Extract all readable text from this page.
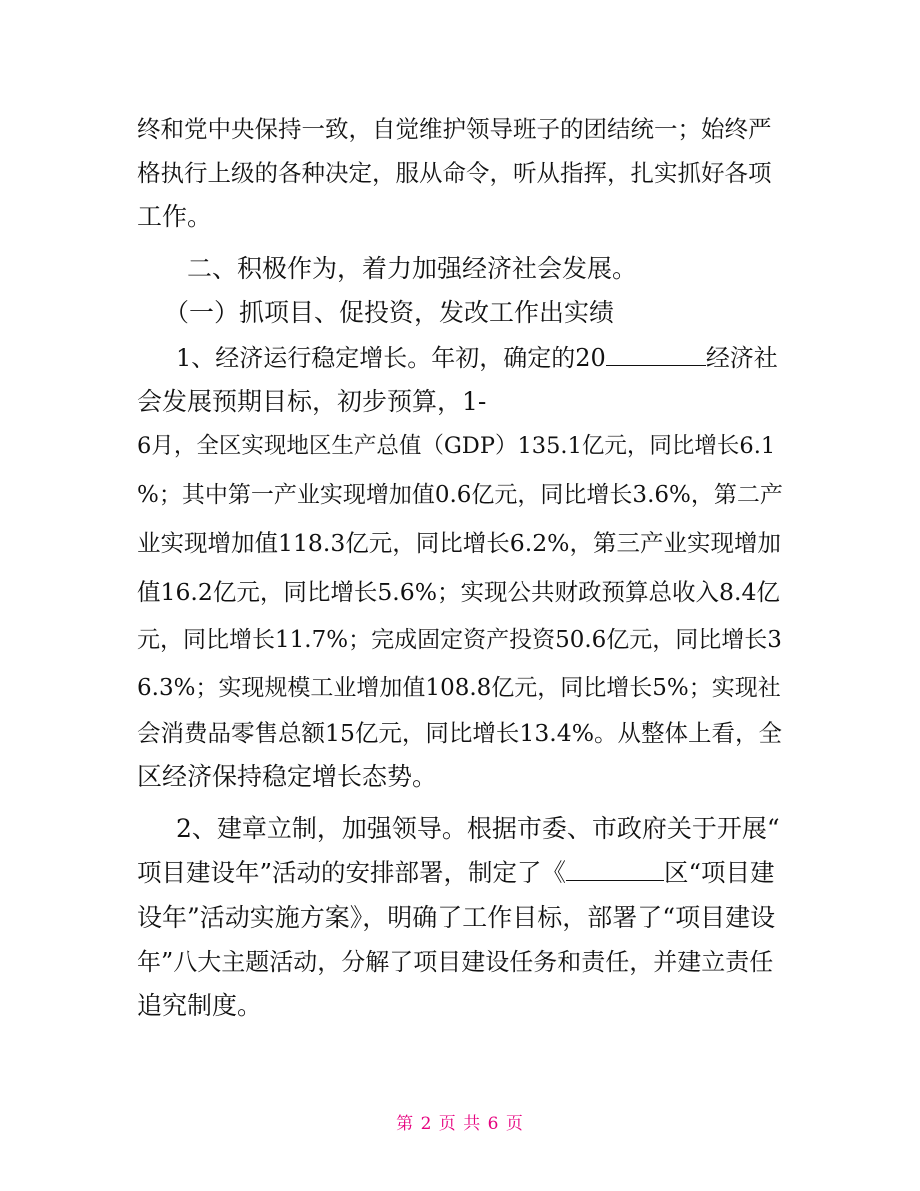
终和党中央保持一致，自觉维护领导班子的团结统一；始终严
格执行上级的各种决定，服从命令，听从指挥，扎实抓好各项
工作。
二、积极作为，着力加强经济社会发展。
（一）抓项目、促投资，发改工作出实绩
1、经济运行稳定增长。年初，确定的20	经济社
会发展预期目标，初步预算，1-
6月，全区实现地区生产总值（GDP）135.1亿元，同比增长6.1
%；其中第一产业实现增加值0.6亿元，同比增长3.6%，第二产
业实现增加值118.3亿元，同比增长6.2%，第三产业实现增加
值16.2亿元，同比增长5.6%；实现公共财政预算总收入8.4亿
元，同比增长11.7%；完成固定资产投资50.6亿元，同比增长3
6.3%；实现规模工业增加值108.8亿元，同比增长5%；实现社
会消费品零售总额15亿元，同比增长13.4%。从整体上看，全
区经济保持稳定增长态势。
2、建章立制，加强领导。根据市委、市政府关于开展“
项目建设年”活动的安排部署，制定了《	区“项目建
设年”活动实施方案》，明确了工作目标，部署了“项目建设
年”八大主题活动，分解了项目建设任务和责任，并建立责任
追究制度。
第 2 页 共 6 页
